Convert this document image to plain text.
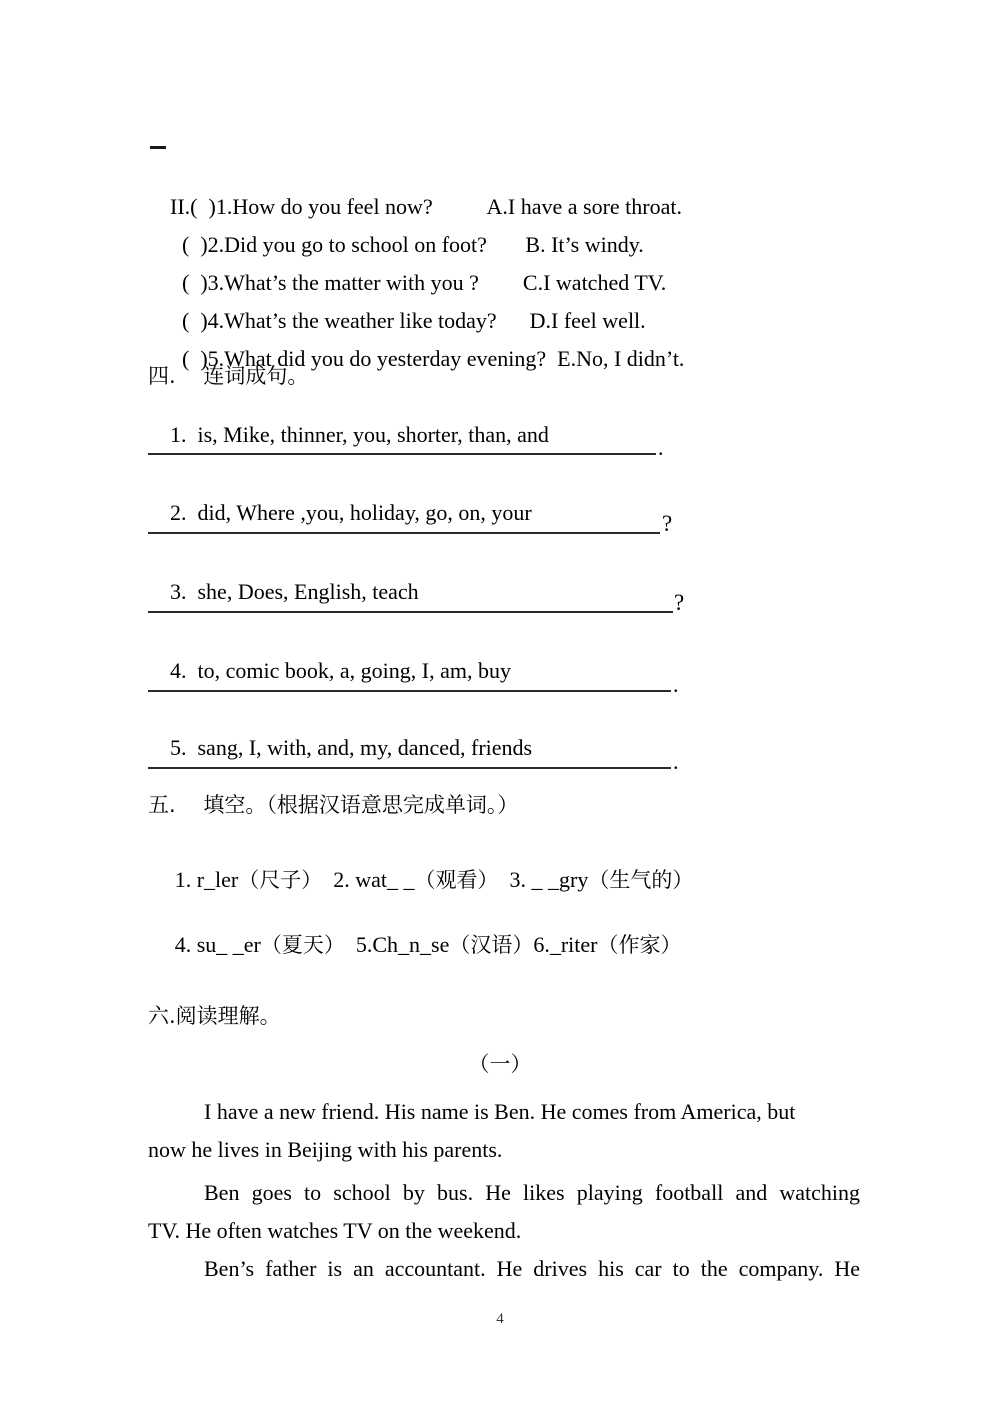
II.(  )1.How do you feel now? A.I have a sore throat.

(  )2.Did you go to school on foot? B. It’s windy.

(  )3.What’s the matter with you ? C.I watched TV.

(  )4.What’s the weather like today? D.I feel well.

(  )5.What did you do yesterday evening? E.No, I didn’t.

四.　 连词成句。

1. is, Mike, thinner, you, shorter, than, and

.

2. did, Where ,you, holiday, go, on, your
	?

3. she, Does, English, teach
	?

4. to, comic book, a, going, I, am, buy

.

5. sang, I, with, and, my, danced, friends

.
五.　 填空。（根据汉语意思完成单词。）

1. r_ler（尺子） 2. wat_ _（观看） 3. _ _gry（生气的）

4. su_ _er（夏天） 5.Ch_n_se（汉语）6._riter（作家）

六.阅读理解。
（一）
I have a new friend. His name is Ben. He comes from America, but
now he lives in Beijing with his parents.
Ben goes to school by bus. He likes playing football and watching
TV. He often watches TV on the weekend.
Ben’s father is an accountant. He drives his car to the company. He
4
